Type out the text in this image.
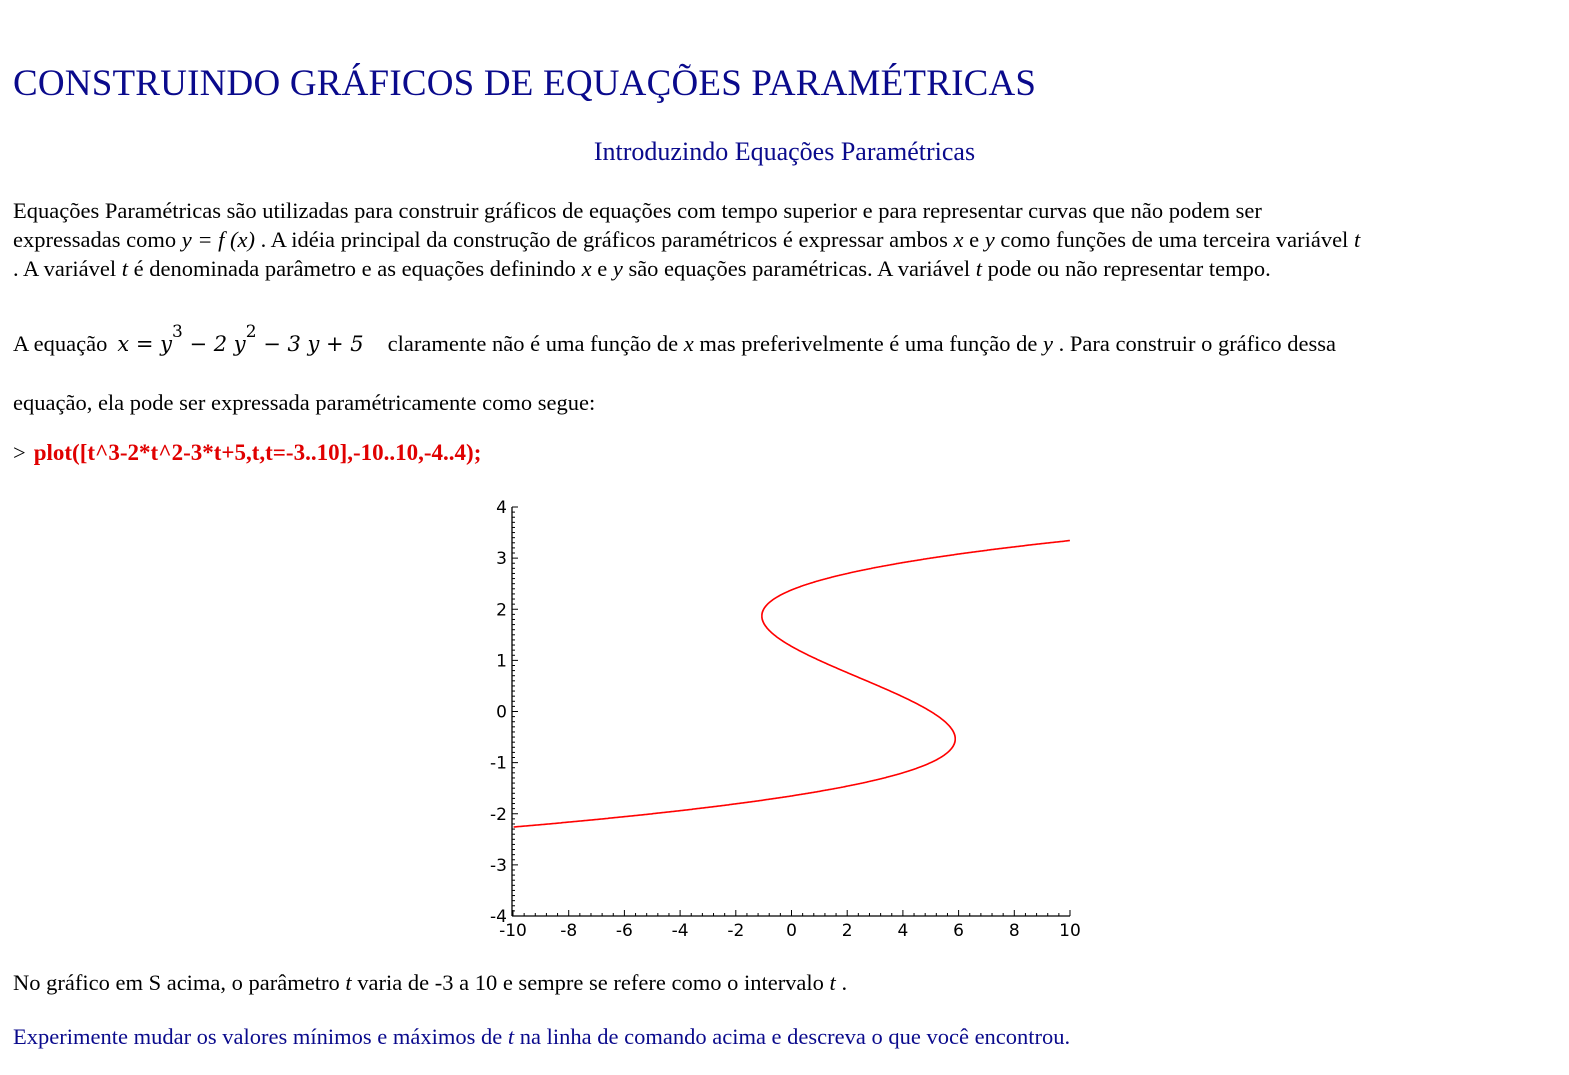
CONSTRUINDO GRÁFICOS DE EQUAÇÕES PARAMÉTRICAS
Introduzindo Equações Paramétricas
Equações Paramétricas são utilizadas para construir gráficos de equações com tempo superior e para representar curvas que não podem ser
expressadas como y = f (x) . A idéia principal da construção de gráficos paramétricos é expressar ambos x e y como funções de uma terceira variável t
. A variável t é denominada parâmetro e as equações definindo x e y são equações paramétricas. A variável t pode ou não representar tempo.
A equação $x = y^3 - 2$ $y^2 - 3$ y + 5 claramente não é uma função de x mas preferivelmente é uma função de y . Para construir o gráfico dessa
equação, ela pode ser expressada paramétricamente como segue:
> plot([t^3-2*t^2-3*t+5,t,t=-3..10],-10..10,-4..4);
-4
-3
-2
-1
0
1
2
3
4
-10 -8 -6 -4 -2 0	2	4	6	8 10
No gráfico em S acima, o parâmetro t varia de -3 a 10 e sempre se refere como o intervalo t .
Experimente mudar os valores mínimos e máximos de t na linha de comando acima e descreva o que você encontrou.
